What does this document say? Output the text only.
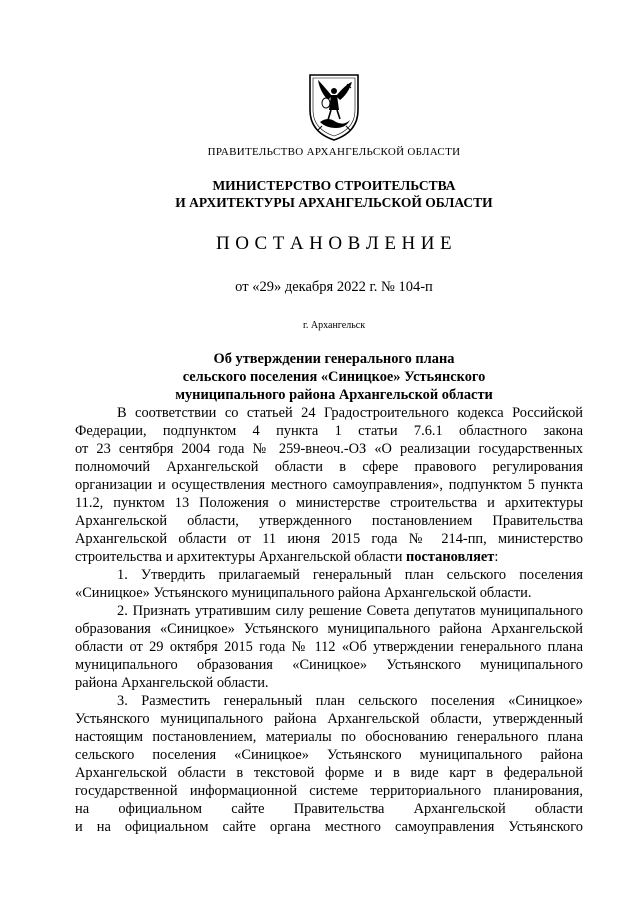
ПРАВИТЕЛЬСТВО АРХАНГЕЛЬСКОЙ ОБЛАСТИ
МИНИСТЕРСТВО СТРОИТЕЛЬСТВА
И АРХИТЕКТУРЫ АРХАНГЕЛЬСКОЙ ОБЛАСТИ
П О С Т А Н О В Л Е Н И Е
от «29» декабря 2022 г. № 104-п
г. Архангельск
Об утверждении генерального плана
сельского поселения «Синицкое» Устьянского
муниципального района Архангельской области
В соответствии со статьей 24 Градостроительного кодекса Российской
Федерации, подпунктом 4 пункта 1 статьи 7.6.1 областного закона
от 23 сентября 2004 года № 259-внеоч.-ОЗ «О реализации государственных
полномочий Архангельской области в сфере правового регулирования
организации и осуществления местного самоуправления», подпунктом 5 пункта
11.2, пунктом 13 Положения о министерстве строительства и архитектуры
Архангельской области, утвержденного постановлением Правительства
Архангельской области от 11 июня 2015 года № 214-пп, министерство
строительства и архитектуры Архангельской области постановляет:
1. Утвердить прилагаемый генеральный план сельского поселения
«Синицкое» Устьянского муниципального района Архангельской области.
2. Признать утратившим силу решение Совета депутатов муниципального
образования «Синицкое» Устьянского муниципального района Архангельской
области от 29 октября 2015 года № 112 «Об утверждении генерального плана
муниципального образования «Синицкое» Устьянского муниципального
района Архангельской области.
3. Разместить генеральный план сельского поселения «Синицкое»
Устьянского муниципального района Архангельской области, утвержденный
настоящим постановлением, материалы по обоснованию генерального плана
сельского поселения «Синицкое» Устьянского муниципального района
Архангельской области в текстовой форме и в виде карт в федеральной
государственной информационной системе территориального планирования,
на официальном сайте Правительства Архангельской области
и на официальном сайте органа местного самоуправления Устьянского
